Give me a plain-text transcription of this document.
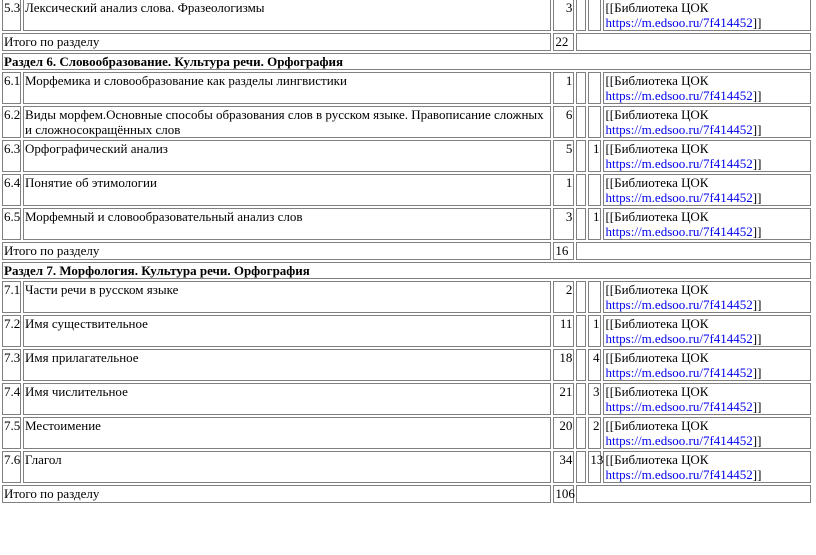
5.3	Лексический анализ слова. Фразеологизмы	3			[[Библиотека ЦОК
https://m.edsoo.ru/7f414452]]
Итого по разделу		22			
Раздел 6. Словообразование. Культура речи. Орфография					
6.1	Морфемика и словообразование как разделы лингвистики	1			[[Библиотека ЦОК
https://m.edsoo.ru/7f414452]]
6.2	Виды морфем.Основные способы образования слов в русском языке. Правописание сложных и сложносокращённых слов	6			[[Библиотека ЦОК
https://m.edsoo.ru/7f414452]]
6.3	Орфографический анализ	5		1	[[Библиотека ЦОК
https://m.edsoo.ru/7f414452]]
6.4	Понятие об этимологии	1			[[Библиотека ЦОК
https://m.edsoo.ru/7f414452]]
6.5	Морфемный и словообразовательный анализ слов	3		1	[[Библиотека ЦОК
https://m.edsoo.ru/7f414452]]
Итого по разделу		16			
Раздел 7. Морфология. Культура речи. Орфография					
7.1	Части речи в русском языке	2			[[Библиотека ЦОК
https://m.edsoo.ru/7f414452]]
7.2	Имя существительное	11		1	[[Библиотека ЦОК
https://m.edsoo.ru/7f414452]]
7.3	Имя прилагательное	18		4	[[Библиотека ЦОК
https://m.edsoo.ru/7f414452]]
7.4	Имя числительное	21		3	[[Библиотека ЦОК
https://m.edsoo.ru/7f414452]]
7.5	Местоимение	20		2	[[Библиотека ЦОК
https://m.edsoo.ru/7f414452]]
7.6	Глагол	34		13	[[Библиотека ЦОК
https://m.edsoo.ru/7f414452]]
Итого по разделу		106			
